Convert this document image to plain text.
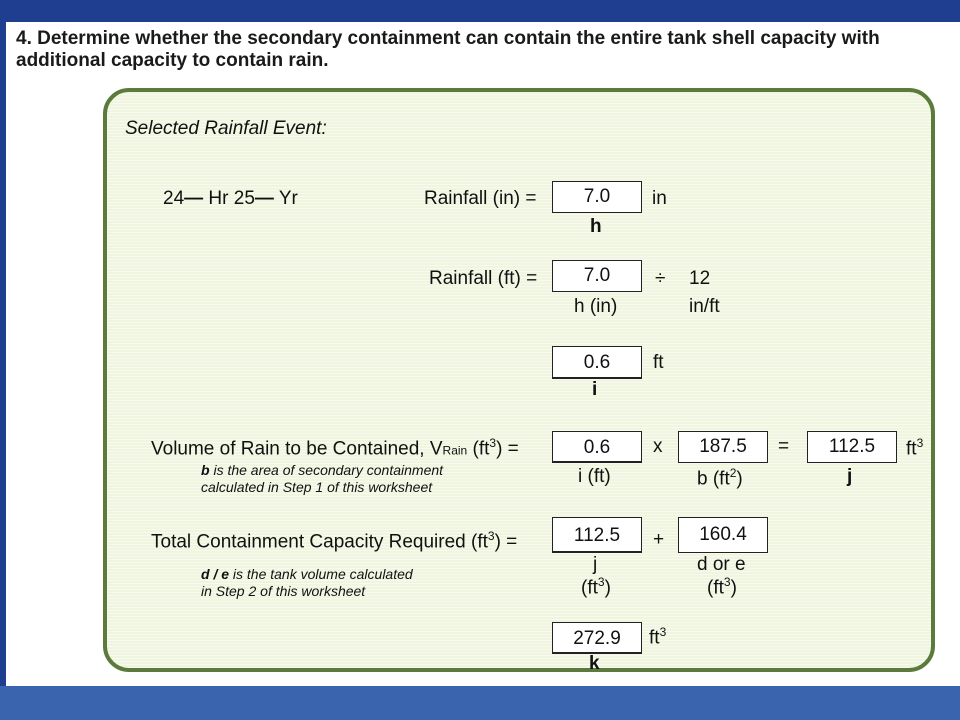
4. Determine whether the secondary containment can contain the entire tank shell capacity with additional capacity to contain rain.
Selected Rainfall Event:
24— Hr 25— Yr	Rainfall (in) =	7.0	in
h
Rainfall (ft) =	7.0	÷ 12
h (in)	in/ft
0.6	ft
i
Volume of Rain to be Contained, VRain $(ft^3)$ =	0.6	x	187.5	=	112.5	$ft^3$
i (ft)	b $(ft^2)$	j
b is the area of secondary containment
calculated in Step 1 of this worksheet
Total Containment Capacity Required $(ft^3)$ =	112.5	+	160.4
j	d or e
$(ft^3)$	$(ft^3)$
d / e is the tank volume calculated
in Step 2 of this worksheet
272.9	$ft^3$
k
